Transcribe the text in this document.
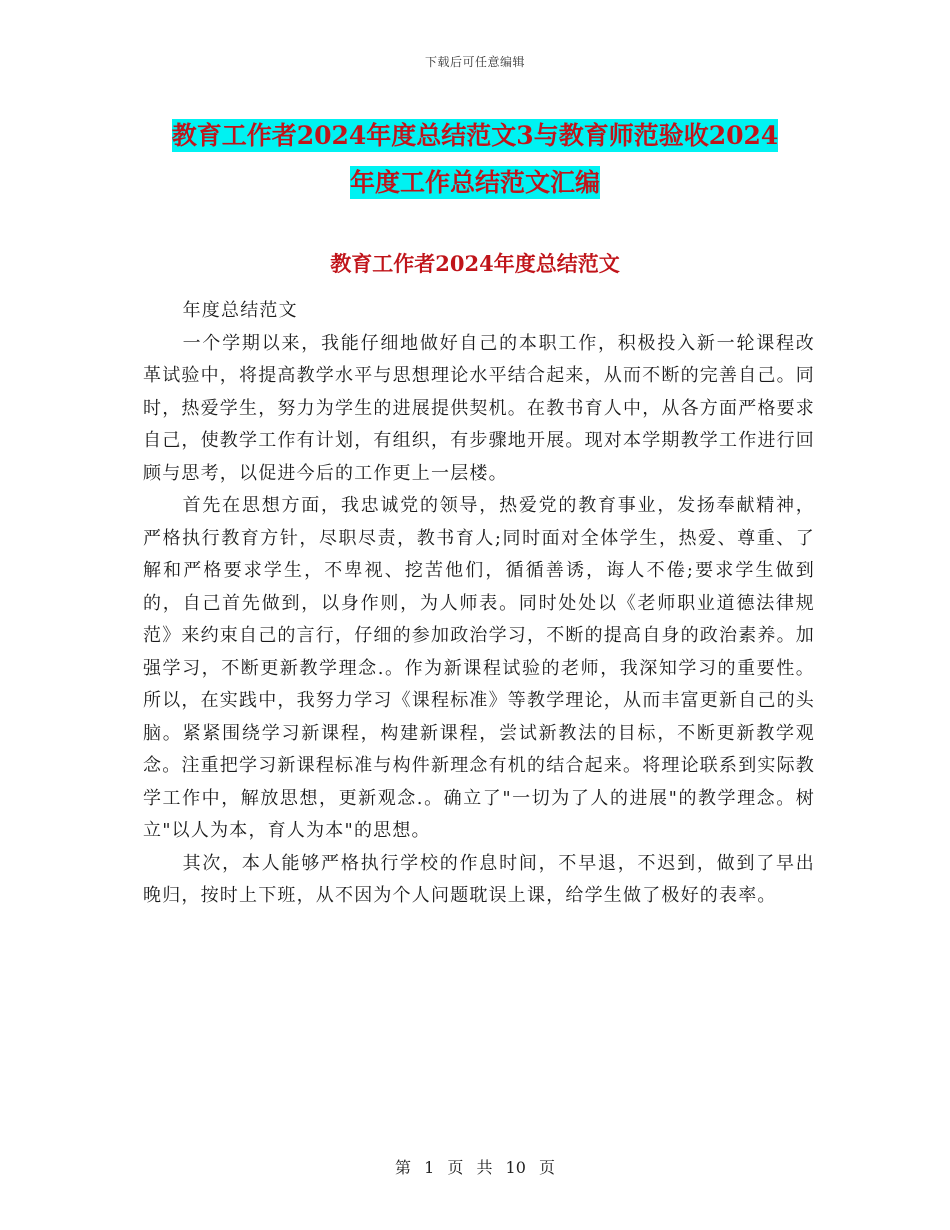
下载后可任意编辑
教育工作者2024年度总结范文3与教育师范验收2024
年度工作总结范文汇编
教育工作者2024年度总结范文

年度总结范文

一个学期以来，我能仔细地做好自己的本职工作，积极投入新一轮课程改革试验中，将提高教学水平与思想理论水平结合起来，从而不断的完善自己。同时，热爱学生，努力为学生的进展提供契机。在教书育人中，从各方面严格要求自己，使教学工作有计划，有组织，有步骤地开展。现对本学期教学工作进行回顾与思考，以促进今后的工作更上一层楼。

首先在思想方面，我忠诚党的领导，热爱党的教育事业，发扬奉献精神，严格执行教育方针，尽职尽责，教书育人;同时面对全体学生，热爱、尊重、了解和严格要求学生，不卑视、挖苦他们，循循善诱，诲人不倦;要求学生做到的，自己首先做到，以身作则，为人师表。同时处处以《老师职业道德法律规范》来约束自己的言行，仔细的参加政治学习，不断的提高自身的政治素养。加强学习，不断更新教学理念.。作为新课程试验的老师，我深知学习的重要性。所以，在实践中，我努力学习《课程标准》等教学理论，从而丰富更新自己的头脑。紧紧围绕学习新课程，构建新课程，尝试新教法的目标，不断更新教学观念。注重把学习新课程标准与构件新理念有机的结合起来。将理论联系到实际教学工作中，解放思想，更新观念.。确立了"一切为了人的进展"的教学理念。树立"以人为本，育人为本"的思想。

其次，本人能够严格执行学校的作息时间，不早退，不迟到，做到了早出晚归，按时上下班，从不因为个人问题耽误上课，给学生做了极好的表率。

第 1 页 共 10 页
